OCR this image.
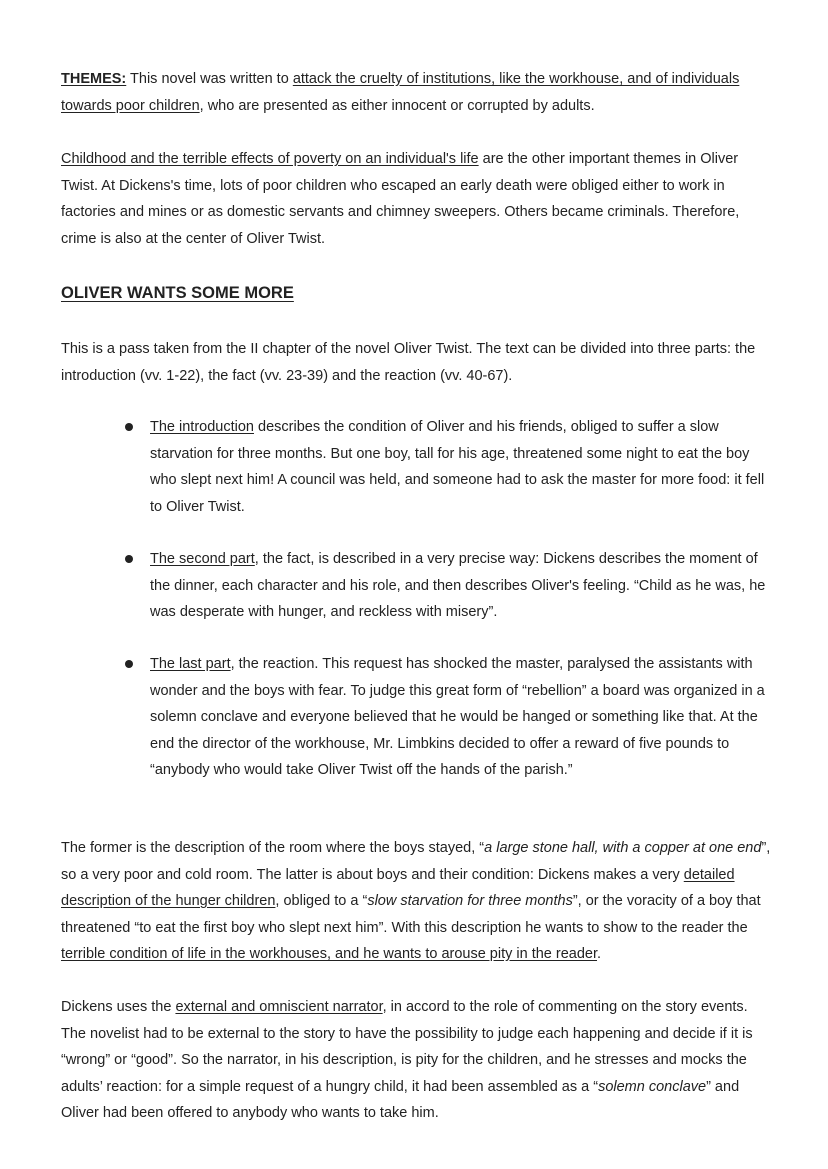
THEMES: This novel was written to attack the cruelty of institutions, like the workhouse, and of individuals towards poor children, who are presented as either innocent or corrupted by adults.

Childhood and the terrible effects of poverty on an individual's life are the other important themes in Oliver Twist. At Dickens's time, lots of poor children who escaped an early death were obliged either to work in factories and mines or as domestic servants and chimney sweepers. Others became criminals. Therefore, crime is also at the center of Oliver Twist.

OLIVER WANTS SOME MORE

This is a pass taken from the II chapter of the novel Oliver Twist. The text can be divided into three parts: the introduction (vv. 1-22), the fact (vv. 23-39) and the reaction (vv. 40-67).

The introduction describes the condition of Oliver and his friends, obliged to suffer a slow starvation for three months. But one boy, tall for his age, threatened some night to eat the boy who slept next him! A council was held, and someone had to ask the master for more food: it fell to Oliver Twist.

The second part, the fact, is described in a very precise way: Dickens describes the moment of the dinner, each character and his role, and then describes Oliver's feeling. “Child as he was, he was desperate with hunger, and reckless with misery”.

The last part, the reaction. This request has shocked the master, paralysed the assistants with wonder and the boys with fear. To judge this great form of “rebellion” a board was organized in a solemn conclave and everyone believed that he would be hanged or something like that. At the end the director of the workhouse, Mr. Limbkins decided to offer a reward of five pounds to “anybody who would take Oliver Twist off the hands of the parish.”

The former is the description of the room where the boys stayed, “a large stone hall, with a copper at one end”, so a very poor and cold room. The latter is about boys and their condition: Dickens makes a very detailed description of the hunger children, obliged to a “slow starvation for three months”, or the voracity of a boy that threatened “to eat the first boy who slept next him”. With this description he wants to show to the reader the terrible condition of life in the workhouses, and he wants to arouse pity in the reader.

Dickens uses the external and omniscient narrator, in accord to the role of commenting on the story events. The novelist had to be external to the story to have the possibility to judge each happening and decide if it is “wrong” or “good”. So the narrator, in his description, is pity for the children, and he stresses and mocks the adults’ reaction: for a simple request of a hungry child, it had been assembled as a “solemn conclave” and Oliver had been offered to anybody who wants to take him.
